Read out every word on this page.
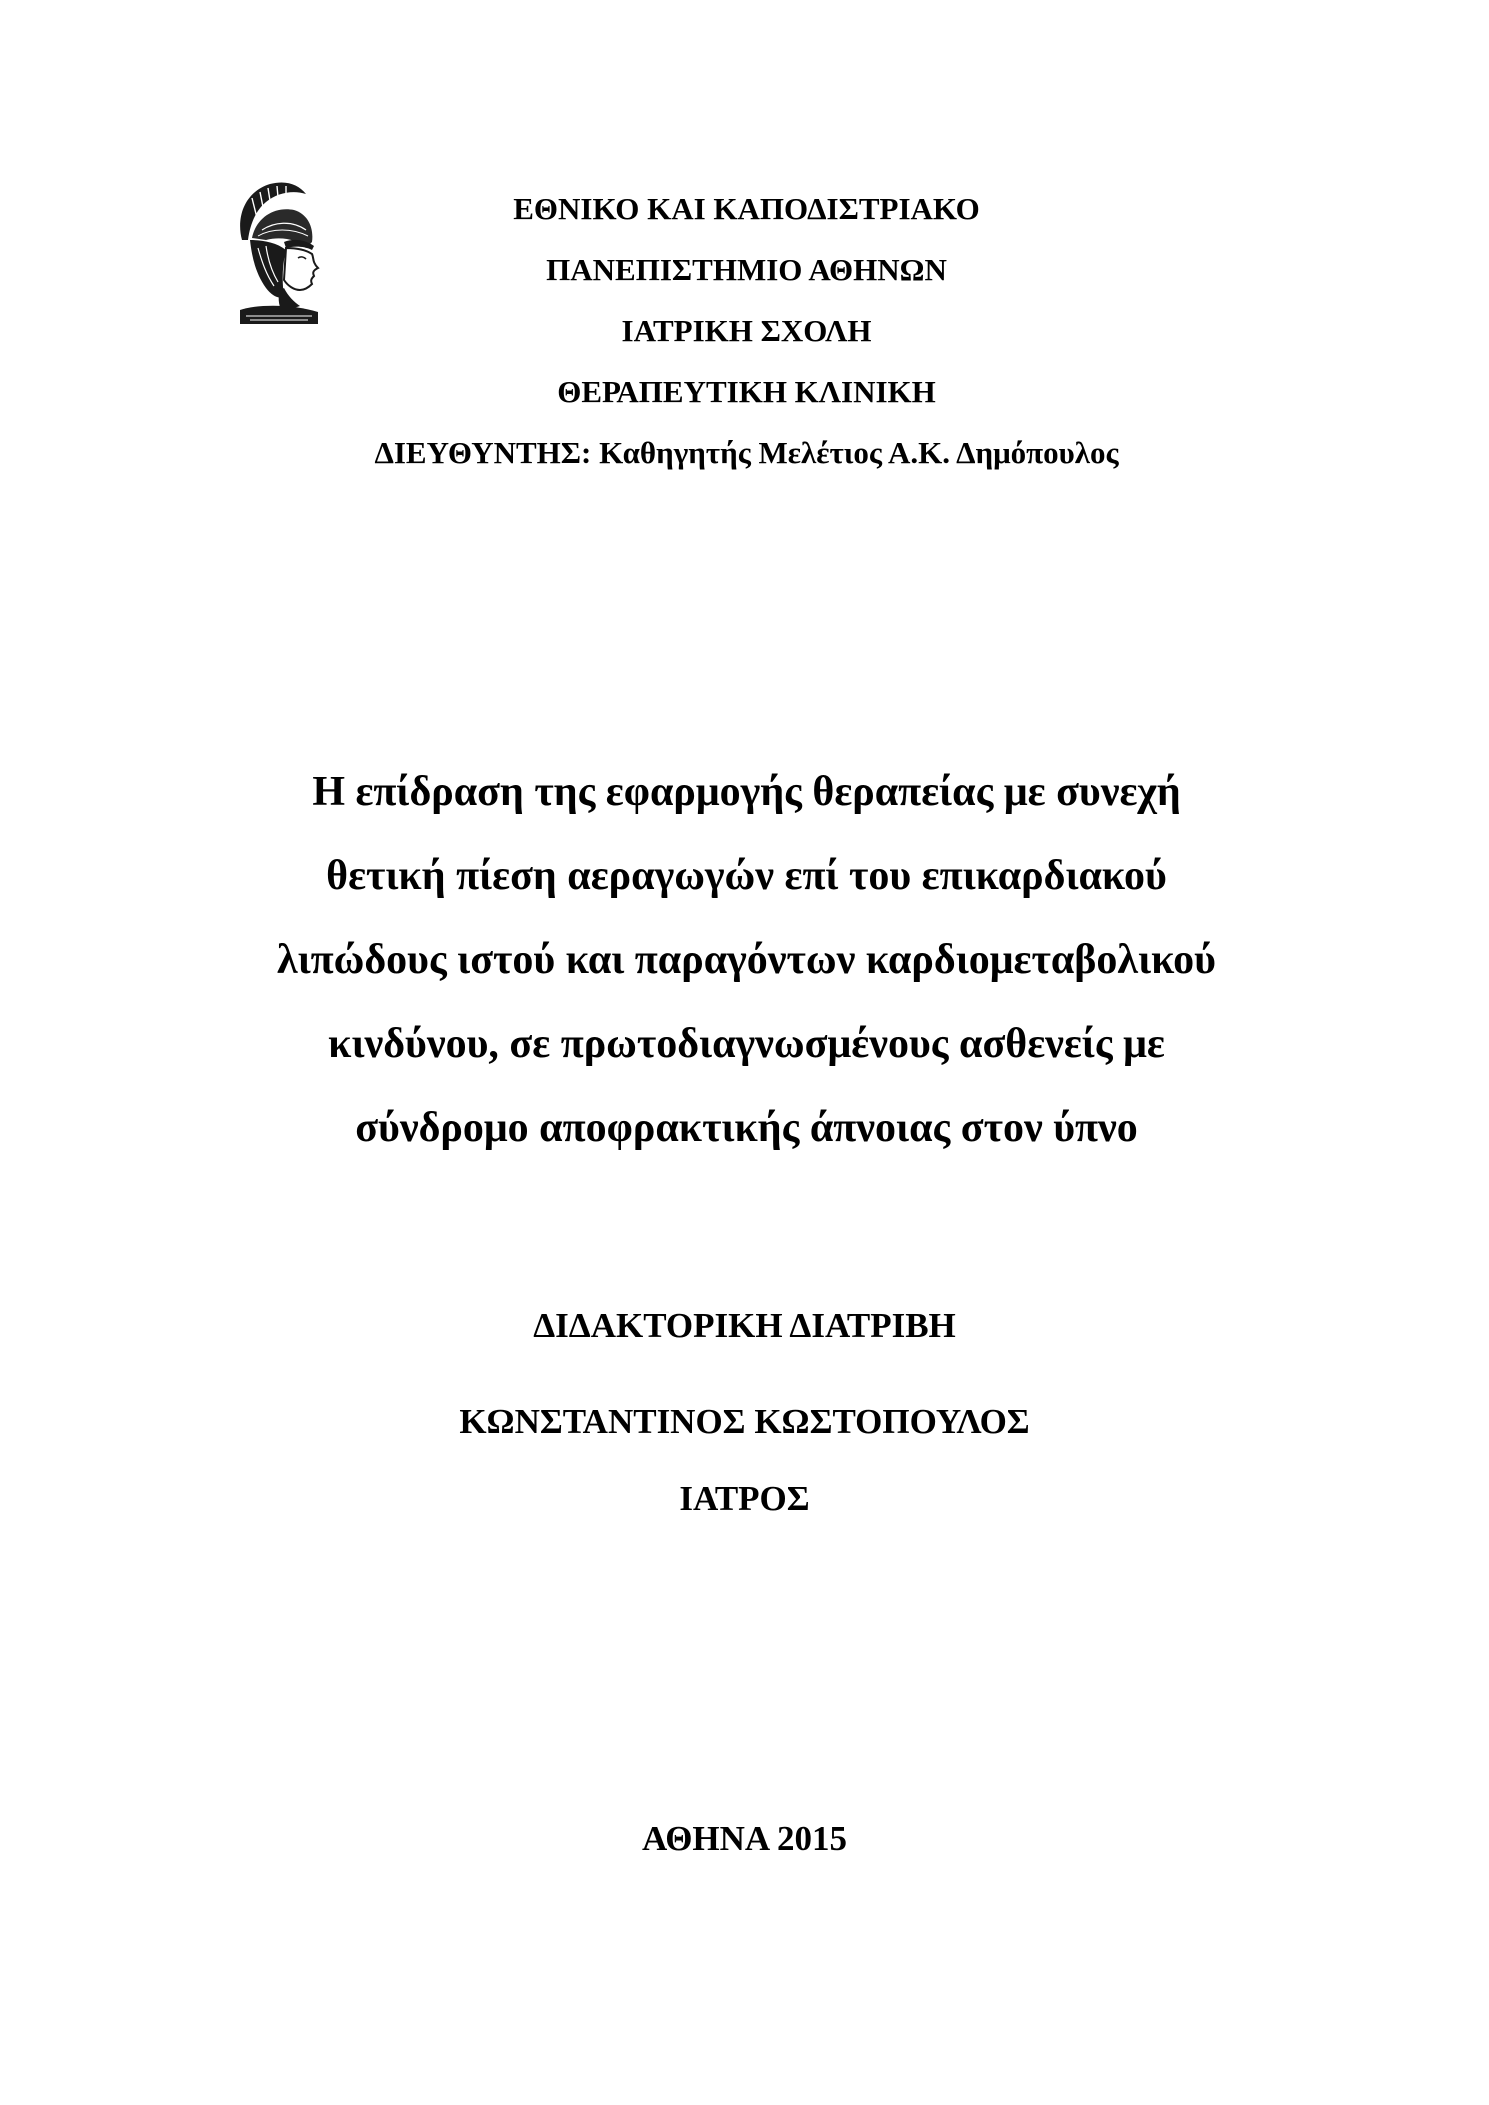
ΕΘΝΙΚΟ ΚΑΙ ΚΑΠΟΔΙΣΤΡΙΑΚΟ
ΠΑΝΕΠΙΣΤΗΜΙΟ ΑΘΗΝΩΝ
ΙΑΤΡΙΚΗ ΣΧΟΛΗ
ΘΕΡΑΠΕΥΤΙΚΗ ΚΛΙΝΙΚΗ
ΔΙΕΥΘΥΝΤΗΣ: Καθηγητής Μελέτιος Α.Κ. Δημόπουλος
Η επίδραση της εφαρμογής θεραπείας με συνεχή
θετική πίεση αεραγωγών επί του επικαρδιακού
λιπώδους ιστού και παραγόντων καρδιομεταβολικού
κινδύνου, σε πρωτοδιαγνωσμένους ασθενείς με
σύνδρομο αποφρακτικής άπνοιας στον ύπνο
ΔΙΔΑΚΤΟΡΙΚΗ ΔΙΑΤΡΙΒΗ
ΚΩΝΣΤΑΝΤΙΝΟΣ ΚΩΣΤΟΠΟΥΛΟΣ
ΙΑΤΡΟΣ
ΑΘΗΝΑ 2015
